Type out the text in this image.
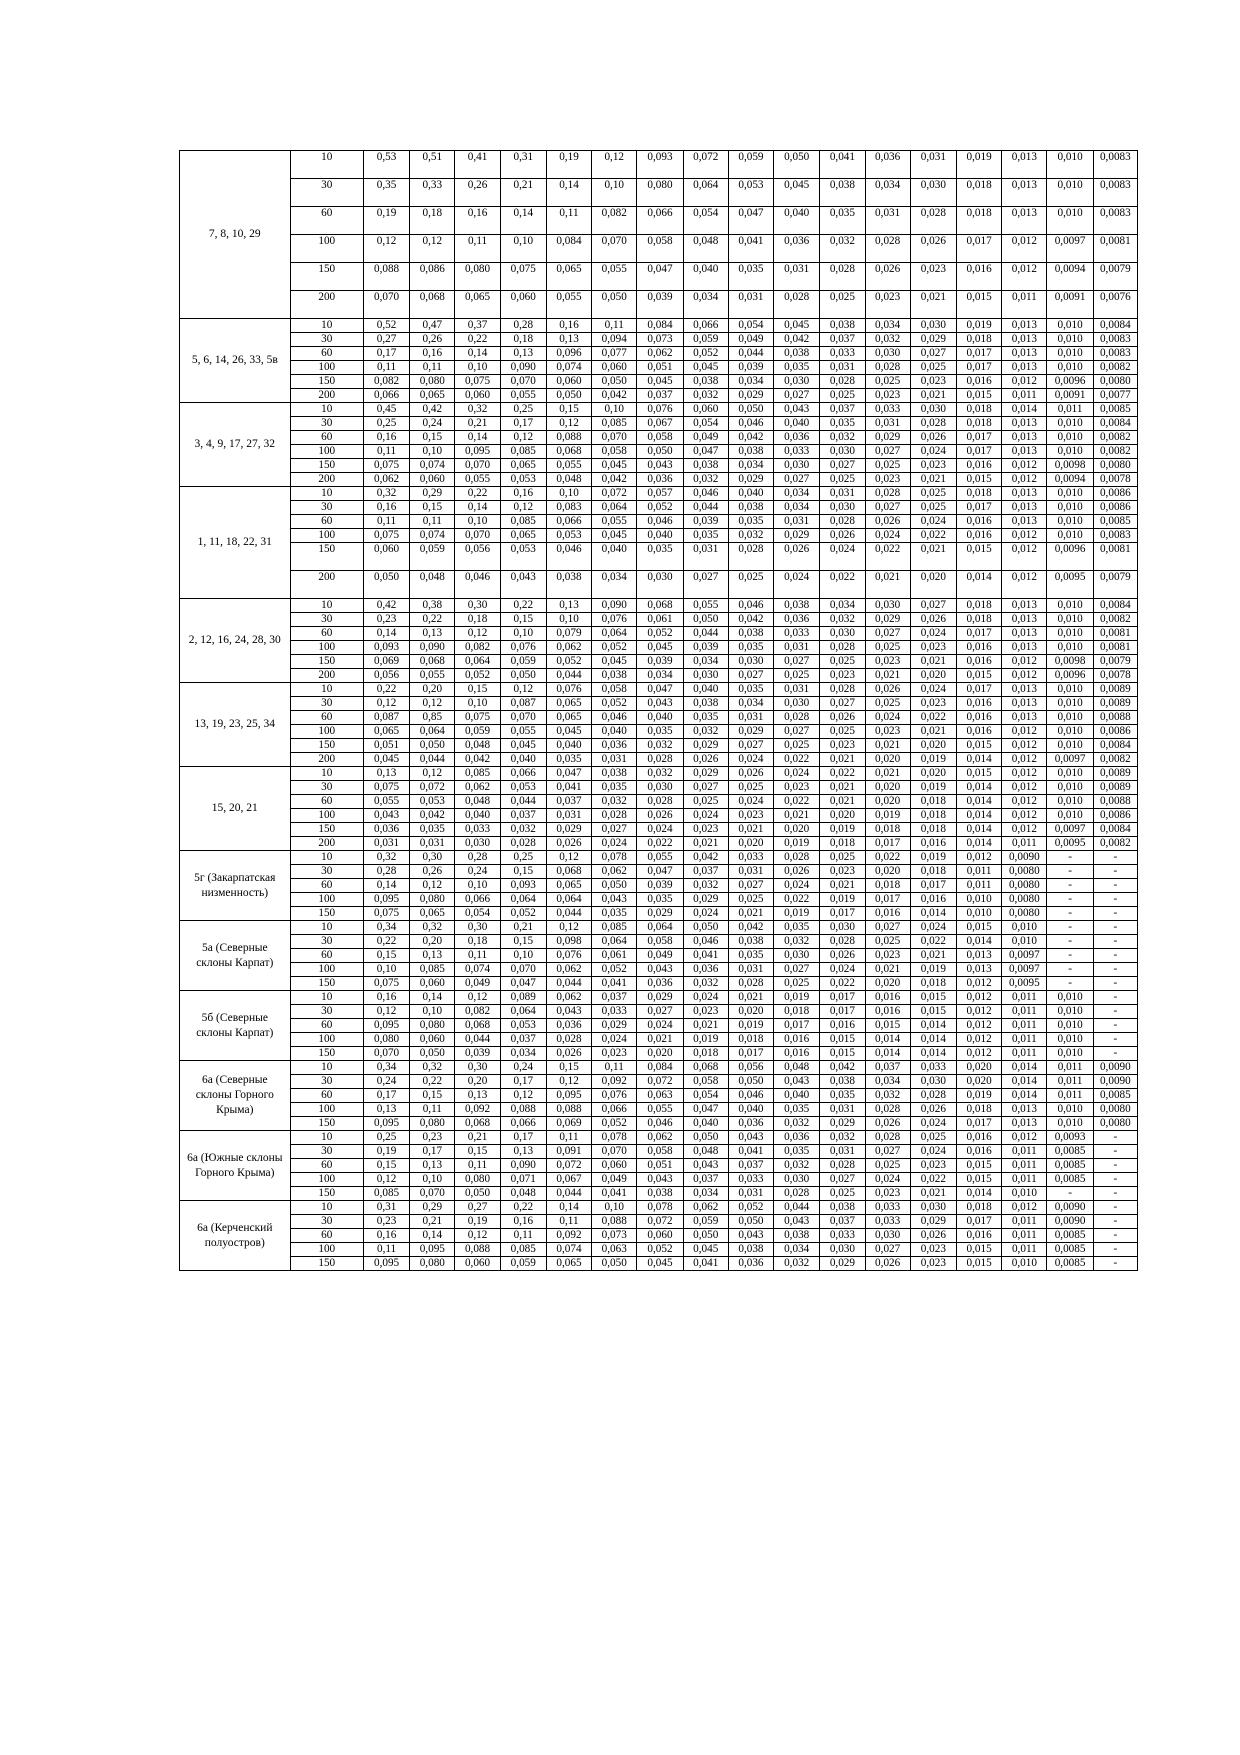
7, 8, 10, 29	10	0,53	0,51	0,41	0,31	0,19	0,12	0,093	0,072	0,059	0,050	0,041	0,036	0,031	0,019	0,013	0,010	0,0083
	30	0,35	0,33	0,26	0,21	0,14	0,10	0,080	0,064	0,053	0,045	0,038	0,034	0,030	0,018	0,013	0,010	0,0083
	60	0,19	0,18	0,16	0,14	0,11	0,082	0,066	0,054	0,047	0,040	0,035	0,031	0,028	0,018	0,013	0,010	0,0083
	100	0,12	0,12	0,11	0,10	0,084	0,070	0,058	0,048	0,041	0,036	0,032	0,028	0,026	0,017	0,012	0,0097	0,0081
	150	0,088	0,086	0,080	0,075	0,065	0,055	0,047	0,040	0,035	0,031	0,028	0,026	0,023	0,016	0,012	0,0094	0,0079
	200	0,070	0,068	0,065	0,060	0,055	0,050	0,039	0,034	0,031	0,028	0,025	0,023	0,021	0,015	0,011	0,0091	0,0076
5, 6, 14, 26, 33, 5в	10	0,52	0,47	0,37	0,28	0,16	0,11	0,084	0,066	0,054	0,045	0,038	0,034	0,030	0,019	0,013	0,010	0,0084
	30	0,27	0,26	0,22	0,18	0,13	0,094	0,073	0,059	0,049	0,042	0,037	0,032	0,029	0,018	0,013	0,010	0,0083
	60	0,17	0,16	0,14	0,13	0,096	0,077	0,062	0,052	0,044	0,038	0,033	0,030	0,027	0,017	0,013	0,010	0,0083
	100	0,11	0,11	0,10	0,090	0,074	0,060	0,051	0,045	0,039	0,035	0,031	0,028	0,025	0,017	0,013	0,010	0,0082
	150	0,082	0,080	0,075	0,070	0,060	0,050	0,045	0,038	0,034	0,030	0,028	0,025	0,023	0,016	0,012	0,0096	0,0080
	200	0,066	0,065	0,060	0,055	0,050	0,042	0,037	0,032	0,029	0,027	0,025	0,023	0,021	0,015	0,011	0,0091	0,0077
3, 4, 9, 17, 27, 32	10	0,45	0,42	0,32	0,25	0,15	0,10	0,076	0,060	0,050	0,043	0,037	0,033	0,030	0,018	0,014	0,011	0,0085
	30	0,25	0,24	0,21	0,17	0,12	0,085	0,067	0,054	0,046	0,040	0,035	0,031	0,028	0,018	0,013	0,010	0,0084
	60	0,16	0,15	0,14	0,12	0,088	0,070	0,058	0,049	0,042	0,036	0,032	0,029	0,026	0,017	0,013	0,010	0,0082
	100	0,11	0,10	0,095	0,085	0,068	0,058	0,050	0,047	0,038	0,033	0,030	0,027	0,024	0,017	0,013	0,010	0,0082
	150	0,075	0,074	0,070	0,065	0,055	0,045	0,043	0,038	0,034	0,030	0,027	0,025	0,023	0,016	0,012	0,0098	0,0080
	200	0,062	0,060	0,055	0,053	0,048	0,042	0,036	0,032	0,029	0,027	0,025	0,023	0,021	0,015	0,012	0,0094	0,0078
1, 11, 18, 22, 31	10	0,32	0,29	0,22	0,16	0,10	0,072	0,057	0,046	0,040	0,034	0,031	0,028	0,025	0,018	0,013	0,010	0,0086
	30	0,16	0,15	0,14	0,12	0,083	0,064	0,052	0,044	0,038	0,034	0,030	0,027	0,025	0,017	0,013	0,010	0,0086
	60	0,11	0,11	0,10	0,085	0,066	0,055	0,046	0,039	0,035	0,031	0,028	0,026	0,024	0,016	0,013	0,010	0,0085
	100	0,075	0,074	0,070	0,065	0,053	0,045	0,040	0,035	0,032	0,029	0,026	0,024	0,022	0,016	0,012	0,010	0,0083
	150	0,060	0,059	0,056	0,053	0,046	0,040	0,035	0,031	0,028	0,026	0,024	0,022	0,021	0,015	0,012	0,0096	0,0081
	200	0,050	0,048	0,046	0,043	0,038	0,034	0,030	0,027	0,025	0,024	0,022	0,021	0,020	0,014	0,012	0,0095	0,0079
2, 12, 16, 24, 28, 30	10	0,42	0,38	0,30	0,22	0,13	0,090	0,068	0,055	0,046	0,038	0,034	0,030	0,027	0,018	0,013	0,010	0,0084
	30	0,23	0,22	0,18	0,15	0,10	0,076	0,061	0,050	0,042	0,036	0,032	0,029	0,026	0,018	0,013	0,010	0,0082
	60	0,14	0,13	0,12	0,10	0,079	0,064	0,052	0,044	0,038	0,033	0,030	0,027	0,024	0,017	0,013	0,010	0,0081
	100	0,093	0,090	0,082	0,076	0,062	0,052	0,045	0,039	0,035	0,031	0,028	0,025	0,023	0,016	0,013	0,010	0,0081
	150	0,069	0,068	0,064	0,059	0,052	0,045	0,039	0,034	0,030	0,027	0,025	0,023	0,021	0,016	0,012	0,0098	0,0079
	200	0,056	0,055	0,052	0,050	0,044	0,038	0,034	0,030	0,027	0,025	0,023	0,021	0,020	0,015	0,012	0,0096	0,0078
13, 19, 23, 25, 34	10	0,22	0,20	0,15	0,12	0,076	0,058	0,047	0,040	0,035	0,031	0,028	0,026	0,024	0,017	0,013	0,010	0,0089
	30	0,12	0,12	0,10	0,087	0,065	0,052	0,043	0,038	0,034	0,030	0,027	0,025	0,023	0,016	0,013	0,010	0,0089
	60	0,087	0,85	0,075	0,070	0,065	0,046	0,040	0,035	0,031	0,028	0,026	0,024	0,022	0,016	0,013	0,010	0,0088
	100	0,065	0,064	0,059	0,055	0,045	0,040	0,035	0,032	0,029	0,027	0,025	0,023	0,021	0,016	0,012	0,010	0,0086
	150	0,051	0,050	0,048	0,045	0,040	0,036	0,032	0,029	0,027	0,025	0,023	0,021	0,020	0,015	0,012	0,010	0,0084
	200	0,045	0,044	0,042	0,040	0,035	0,031	0,028	0,026	0,024	0,022	0,021	0,020	0,019	0,014	0,012	0,0097	0,0082
15, 20, 21	10	0,13	0,12	0,085	0,066	0,047	0,038	0,032	0,029	0,026	0,024	0,022	0,021	0,020	0,015	0,012	0,010	0,0089
	30	0,075	0,072	0,062	0,053	0,041	0,035	0,030	0,027	0,025	0,023	0,021	0,020	0,019	0,014	0,012	0,010	0,0089
	60	0,055	0,053	0,048	0,044	0,037	0,032	0,028	0,025	0,024	0,022	0,021	0,020	0,018	0,014	0,012	0,010	0,0088
	100	0,043	0,042	0,040	0,037	0,031	0,028	0,026	0,024	0,023	0,021	0,020	0,019	0,018	0,014	0,012	0,010	0,0086
	150	0,036	0,035	0,033	0,032	0,029	0,027	0,024	0,023	0,021	0,020	0,019	0,018	0,018	0,014	0,012	0,0097	0,0084
	200	0,031	0,031	0,030	0,028	0,026	0,024	0,022	0,021	0,020	0,019	0,018	0,017	0,016	0,014	0,011	0,0095	0,0082
5г (Закарпатская низменность)	10	0,32	0,30	0,28	0,25	0,12	0,078	0,055	0,042	0,033	0,028	0,025	0,022	0,019	0,012	0,0090	-	-
	30	0,28	0,26	0,24	0,15	0,068	0,062	0,047	0,037	0,031	0,026	0,023	0,020	0,018	0,011	0,0080	-	-
	60	0,14	0,12	0,10	0,093	0,065	0,050	0,039	0,032	0,027	0,024	0,021	0,018	0,017	0,011	0,0080	-	-
	100	0,095	0,080	0,066	0,064	0,064	0,043	0,035	0,029	0,025	0,022	0,019	0,017	0,016	0,010	0,0080	-	-
	150	0,075	0,065	0,054	0,052	0,044	0,035	0,029	0,024	0,021	0,019	0,017	0,016	0,014	0,010	0,0080	-	-
5а (Северные склоны Карпат)	10	0,34	0,32	0,30	0,21	0,12	0,085	0,064	0,050	0,042	0,035	0,030	0,027	0,024	0,015	0,010	-	-
	30	0,22	0,20	0,18	0,15	0,098	0,064	0,058	0,046	0,038	0,032	0,028	0,025	0,022	0,014	0,010	-	-
	60	0,15	0,13	0,11	0,10	0,076	0,061	0,049	0,041	0,035	0,030	0,026	0,023	0,021	0,013	0,0097	-	-
	100	0,10	0,085	0,074	0,070	0,062	0,052	0,043	0,036	0,031	0,027	0,024	0,021	0,019	0,013	0,0097	-	-
	150	0,075	0,060	0,049	0,047	0,044	0,041	0,036	0,032	0,028	0,025	0,022	0,020	0,018	0,012	0,0095	-	-
5б (Северные склоны Карпат)	10	0,16	0,14	0,12	0,089	0,062	0,037	0,029	0,024	0,021	0,019	0,017	0,016	0,015	0,012	0,011	0,010	-
	30	0,12	0,10	0,082	0,064	0,043	0,033	0,027	0,023	0,020	0,018	0,017	0,016	0,015	0,012	0,011	0,010	-
	60	0,095	0,080	0,068	0,053	0,036	0,029	0,024	0,021	0,019	0,017	0,016	0,015	0,014	0,012	0,011	0,010	-
	100	0,080	0,060	0,044	0,037	0,028	0,024	0,021	0,019	0,018	0,016	0,015	0,014	0,014	0,012	0,011	0,010	-
	150	0,070	0,050	0,039	0,034	0,026	0,023	0,020	0,018	0,017	0,016	0,015	0,014	0,014	0,012	0,011	0,010	-
6а (Северные склоны Горного Крыма)	10	0,34	0,32	0,30	0,24	0,15	0,11	0,084	0,068	0,056	0,048	0,042	0,037	0,033	0,020	0,014	0,011	0,0090
	30	0,24	0,22	0,20	0,17	0,12	0,092	0,072	0,058	0,050	0,043	0,038	0,034	0,030	0,020	0,014	0,011	0,0090
	60	0,17	0,15	0,13	0,12	0,095	0,076	0,063	0,054	0,046	0,040	0,035	0,032	0,028	0,019	0,014	0,011	0,0085
	100	0,13	0,11	0,092	0,088	0,088	0,066	0,055	0,047	0,040	0,035	0,031	0,028	0,026	0,018	0,013	0,010	0,0080
	150	0,095	0,080	0,068	0,066	0,069	0,052	0,046	0,040	0,036	0,032	0,029	0,026	0,024	0,017	0,013	0,010	0,0080
6а (Южные склоны Горного Крыма)	10	0,25	0,23	0,21	0,17	0,11	0,078	0,062	0,050	0,043	0,036	0,032	0,028	0,025	0,016	0,012	0,0093	-
	30	0,19	0,17	0,15	0,13	0,091	0,070	0,058	0,048	0,041	0,035	0,031	0,027	0,024	0,016	0,011	0,0085	-
	60	0,15	0,13	0,11	0,090	0,072	0,060	0,051	0,043	0,037	0,032	0,028	0,025	0,023	0,015	0,011	0,0085	-
	100	0,12	0,10	0,080	0,071	0,067	0,049	0,043	0,037	0,033	0,030	0,027	0,024	0,022	0,015	0,011	0,0085	-
	150	0,085	0,070	0,050	0,048	0,044	0,041	0,038	0,034	0,031	0,028	0,025	0,023	0,021	0,014	0,010	-	-
6а (Керченский полуостров)	10	0,31	0,29	0,27	0,22	0,14	0,10	0,078	0,062	0,052	0,044	0,038	0,033	0,030	0,018	0,012	0,0090	-
	30	0,23	0,21	0,19	0,16	0,11	0,088	0,072	0,059	0,050	0,043	0,037	0,033	0,029	0,017	0,011	0,0090	-
	60	0,16	0,14	0,12	0,11	0,092	0,073	0,060	0,050	0,043	0,038	0,033	0,030	0,026	0,016	0,011	0,0085	-
	100	0,11	0,095	0,088	0,085	0,074	0,063	0,052	0,045	0,038	0,034	0,030	0,027	0,023	0,015	0,011	0,0085	-
	150	0,095	0,080	0,060	0,059	0,065	0,050	0,045	0,041	0,036	0,032	0,029	0,026	0,023	0,015	0,010	0,0085	-
